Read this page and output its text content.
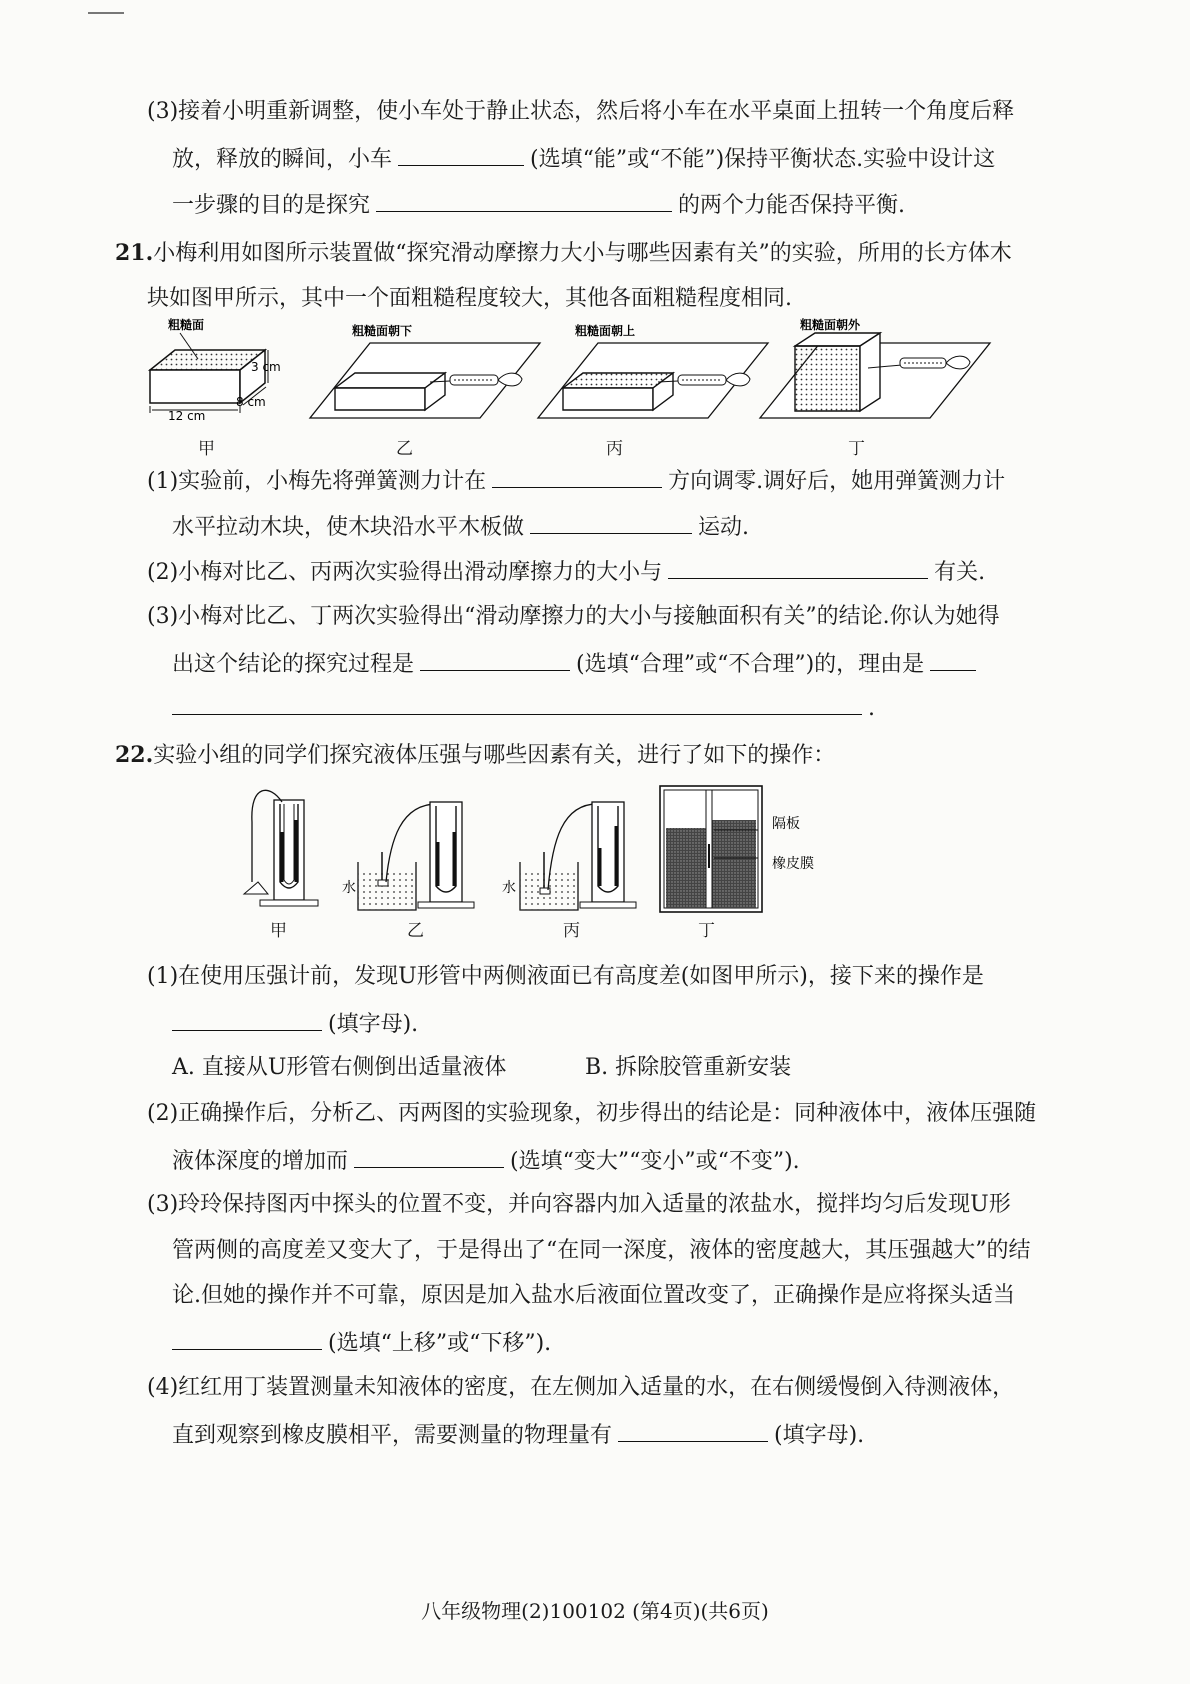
(3)接着小明重新调整，使小车处于静止状态，然后将小车在水平桌面上扭转一个角度后释
放，释放的瞬间，小车	(选填“能”或“不能”)保持平衡状态.实验中设计这
一步骤的目的是探究	的两个力能否保持平衡.
21.小梅利用如图所示装置做“探究滑动摩擦力大小与哪些因素有关”的实验，所用的长方体木
块如图甲所示，其中一个面粗糙程度较大，其他各面粗糙程度相同.
粗糙面
3 cm
8 cm
12 cm
粗糙面朝下	粗糙面朝上	粗糙面朝外
甲	乙	丙	丁
(1)实验前，小梅先将弹簧测力计在	方向调零.调好后，她用弹簧测力计
水平拉动木块，使木块沿水平木板做	运动.
(2)小梅对比乙、丙两次实验得出滑动摩擦力的大小与	有关.
(3)小梅对比乙、丁两次实验得出“滑动摩擦力的大小与接触面积有关”的结论.你认为她得
出这个结论的探究过程是	(选填“合理”或“不合理”)的，理由是
.
22.实验小组的同学们探究液体压强与哪些因素有关，进行了如下的操作：
水	水
隔板
橡皮膜
甲	乙	丙	丁
(1)在使用压强计前，发现U形管中两侧液面已有高度差(如图甲所示)，接下来的操作是
(填字母).
A. 直接从U形管右侧倒出适量液体	B. 拆除胶管重新安装
(2)正确操作后，分析乙、丙两图的实验现象，初步得出的结论是：同种液体中，液体压强随
液体深度的增加而	(选填“变大”“变小”或“不变”).
(3)玲玲保持图丙中探头的位置不变，并向容器内加入适量的浓盐水，搅拌均匀后发现U形
管两侧的高度差又变大了，于是得出了“在同一深度，液体的密度越大，其压强越大”的结
论.但她的操作并不可靠，原因是加入盐水后液面位置改变了，正确操作是应将探头适当
(选填“上移”或“下移”).
(4)红红用丁装置测量未知液体的密度，在左侧加入适量的水，在右侧缓慢倒入待测液体，
直到观察到橡皮膜相平，需要测量的物理量有	(填字母).
八年级物理(2)100102 (第4页)(共6页)
